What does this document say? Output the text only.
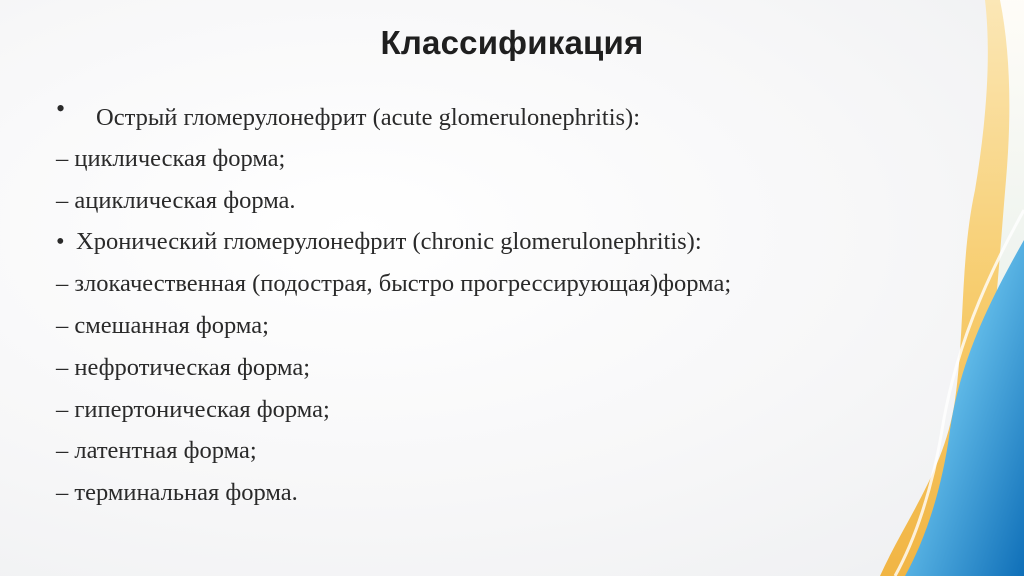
Классификация
•	Острый гломерулонефрит (acute glomerulonephritis):
– циклическая форма;
– ациклическая форма.
• Хронический гломерулонефрит (chronic glomerulonephritis):
– злокачественная (подострая, быстро прогрессирующая)форма;
– смешанная форма;
– нефротическая форма;
– гипертоническая форма;
– латентная форма;
– терминальная форма.
